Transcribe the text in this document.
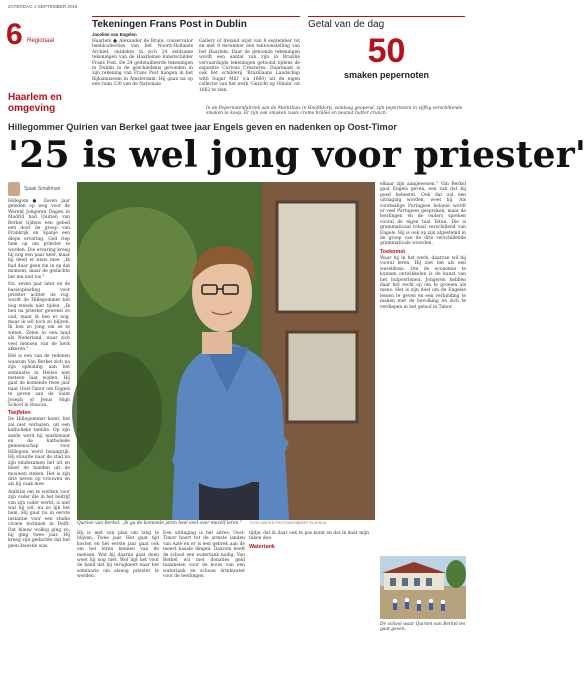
ZATERDAG 1 SEPTEMBER 2018
6 Regionaal
Haarlem en omgeving
Tekeningen Frans Post in Dublin
Jacoline van Engelen
Haarlem ● Alexander de Bruin, conservator beeldcollecties van het Noord-Hollands Archief, ontdekte in zo'n 24 zeldzame tekeningen van de Haarlemse kunstschilder Frans Post. De 24 gedetailleerde tekeningen in Dublin in de geschiedenis gevonden in zijn tekening van Frans Post hangen in het Rijksmuseum in Amsterdam. Hij gaan na op een ruim 230 van de Nationale
Gallery of Ireland wijst van 8 september tot en met 9 december een tentoonstelling van het Haarlem. Daar de getoonde tekeningen wordt een aantal van zijn in Brazilië vervaardigde tekeningen getoond tijdens de expositie Curious Creatures. Daarnaast is ook het schilderij 'Braziliaans Landschap with Sugar Mill' (ca 1660) uit de eigen collectie van het werk 'Gezicht op Olinda' uit 1662 te zien.
Getal van de dag
50
smaken pepernoten
In de Pepernotenfabriek aan de Markthuis in Hoofddorp, vandaag geopend, zijn pepernoten in vijftig verschillende smaken te koop. Er zijn ook smaken zoals creme brûlée en peanut butter crunch.
Hillegommer Quirien van Berkel gaat twee jaar Engels geven en nadenken op Oost-Timor
'25 is wel jong voor priester'
Sjaak Smakman
Hillegom ● Zeven jaar geleden op weg voor de Wereld Jongeren Dagen in Madrid had Quirien van Berkel tijdens een gebed een door de groep van Frankrijk en Spanje een diepe ervaring. God riep hem op om priester te worden. Die ervaring kreeg hij nog een paar keer, maar hij deed er niets mee. „Ik had daar geen zin in op dat moment, maar de gedachte liet me niet los."
Nu, zeven jaar later en de basisopleiding voor priester achter de rug, wordt de Hillegommer het nog steeds niet tijden. „Ik ben na priester geweest zo oud, maar ik ben er nog, maar ik wil toch zo blijven. Ik ben zo jong om ze te weten. Zelen in een land als Nederland, waar zich veel mensen van de kerk afkeren."
Het is een van de redenen waarom Van Berkel zich na zijn opleiding aan het seminarie in Heiloo niet meteen laat wijden. Hij gaat de komende twee jaar naar Oost-Timor om Engels te geven aan de Saint Joseph of Jesus High School in Baucau.
Twijfelen
De Hillegommer komt, het zal niet verbazen, uit een katholieke familie. Op zijn zesde werd hij misdienaar en de katholieke gemeenschap voor Hillegom werd belangrijk. Hij stuurde naar de stad na zijn eindexamen het uit en bleef de handen uit de mouwen steken. Het is zijn drie neven op vrouwen en als hij vaak mee.
Ambitie om te werken voor zijn vader die in het bedrijf van zijn vader werkt, is niet wat hij wil, nu zo lijk het hem. Hij gaat nu in eerste instantie voor een studie civiele techniek in Delft. Dat blauw wolkig ging zo, hij ging twee jaar. Hij kreeg zijn gedachte dat het geen kwestie was.
FOTO UNITED PHOTOS/ROBBERT ELZENGA
Quirien van Berkel: „Ik ga de komende jaren heel veel over mezelf leren."
Hij is niet van plan om lang te blijven. Twee jaar. Het gaat tijd kosten en het eerste jaar gaat ook om het leren kennen van de mensen. Wat hij daarna gaat doen weet hij nog niet. Wel ligt het voor de hand dat hij terugkeert naar het seminarie om alsnog priester te worden.
Een uitdaging is het adres: Oost-Timor hoort tot de armste landen van Azië en er is een gebrek aan de meest basale dingen. Daarom heeft de school een watertank nodig. Van Berkel wil met donaties geld inzamelen voor de bouw van een watertank en schoon drinkwater voor de leerlingen.
tijdje, dat ik daar ook te pas komt en dat ik daar mijn taken doe.
Watertank
elkaar zijn aangewezen." Van Berkel gaat Engels geven, een vak dat hij goed beheerst. Ook dat zal een uitdaging worden, weet hij. Als voormalige Portugese kolonie wordt er veel Portugees gesproken, maar de leerlingen en de ouders spreken vooral de eigen taal Tetun. Die is grammaticaal totaal verschillend van Engels. Hij is ook op zijn afgestemd in de groep van de drie verschillende grammaticale woorden.
Toekomst
Waar hij in het werk, daarvan wil hij vooral leren. Hij ziet het als een wereldreis. Om de economie te kunnen ontwikkelen is de kunst van het hulpverlenen. Jongeren hebben daar het recht op om te groeien als mens. Het is zijn doel om de Engelse lessen te geven en een verbinding te maken met de bevolking en zich te verdiepen in het geloof in Timor.
De school waar Quirien van Berkel les gaat geven.
